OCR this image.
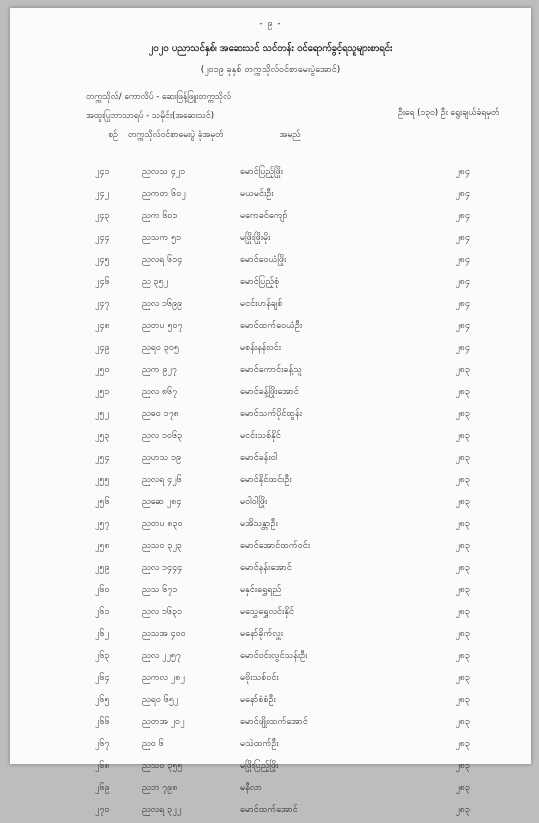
- ၉ -
၂၀၂၀ ပညာသင်နှစ်၊ အဆေးသင် သင်တန်း ဝင်ရောက်ခွင့်ရသူများစာရင်း
(၂၀၁၉ ခုနှစ် တက္ကသိုလ်ဝင်စာမေးပွဲအောင်)
တက္ကသိုလ်/ ကောလိပ် - ဆေးဖြန့်ဖြူးတက္ကသိုလ်
အထူးပြုဘာသာရပ် - သမိုင်း(အဆေးသင်)	ဦးရေ (၁၃၀) ဦး ရွေးချယ်ခံရမှတ်
စဉ်	တက္ကသိုလ်ဝင်စာမေးပွဲ ခုံအမှတ်	အမည်
၂၄၁	ညလသ ၄၂၁	မောင်ပြည့်ဖြိုး	၂၈၄
၂၄၂	ညကတ ၆၀၂	မယမင်းဦး	၂၈၄
၂၄၃	ညက ၆၀၁	မကေခင်ကျော်	၂၈၄
၂၄၄	ညသက ၅၁	မဖြိုးဖြိုးမိုး	၂၈၄
၂၄၅	ညလရ ၆၁၄	မောင်ဝေယံဖြိုး	၂၈၄
၂၄၆	ည ၃၅၂	မောင်ပြည့်စုံ	၂၈၄
၂၄၇	ညလ ၁၆၉၉	မငင်းဟန်ချစ်	၂၈၄
၂၄၈	ညတပ ၅၀၇	မောင်ထက်ဝေယံဦး	၂၈၄
၂၄၉	ညရ၀ ၃၀၅	မစန်းနန်းဝင်း	၂၈၄
၂၅၀	ညက ၉၂၇	မောင်ကောင်းခန့်သူ	၂၈၃
၂၅၁	ညလ ၈၆၇	မောင်ခန့်ဖြိုးအောင်	၂၈၃
၂၅၂	ညဓ၀ ၁၇၈	မောင်သက်ပိုင်ထွန်း	၂၈၃
၂၅၃	ညလ ၁၀၆၃	မငင်းသစ်နိုင်	၂၈၃
၂၅၄	ညဟသ ၁၉	မောင်ခန်းဝါ	၂၈၃
၂၅၅	ညလရ ၄၂၆	မောင်နိုင်ထင်းဦး	၂၈၃
၂၅၆	ညဆေ ၂၈၄	မဝါဝါဖြိုး	၂၈၃
၂၅၇	ညတပ ၈၃၀	မအိသန္တာဦး	၂၈၃
၂၅၈	ညသ၀ ၃၂၃	မောင်အောင်ထက်ဝင်း	၂၈၃
၂၅၉	ညလ ၁၄၄၄	မောင်နန်းအောင်	၂၈၃
၂၆၀	ညသ ၆၇၁	မနှင်းရွှေရည်	၂၈၃
၂၆၁	ညလ ၁၆၃၁	မသွှေရွှေလင်းနိုင်	၂၈၃
၂၆၂	ညသအ ၄၀၀	မနော်ခိုက်လှူး	၂၈၃
၂၆၃	ညလ ၂၂၅၇	မောင်ဝင်းလွင်သန်းဦး	၂၈၃
၂၆၄	ညကလ ၂၈၂	မဗိုးသစ်ဝင်း	၂၈၃
၂၆၅	ညရ၀ ၆၅၂	မနော်စံစံဦး	၂၈၃
၂၆၆	ညတအ ၂၀၂	မောင်ဖျိုးထက်အောင်	၂၈၃
၂၆၇	ညဝ ၆	မသဲထက်ဦး	၂၈၃
၂၆၈	ညသ၀ ၃၅၅	မဖြိုးပြည့်ဖြိုး	၂၈၃
၂၆၉	ညဘ ၇၉၈	မနီလာ	၂၈၃
၂၇၀	ညလရ ၃၂၂	မောင်ထက်အောင်	၂၈၃
